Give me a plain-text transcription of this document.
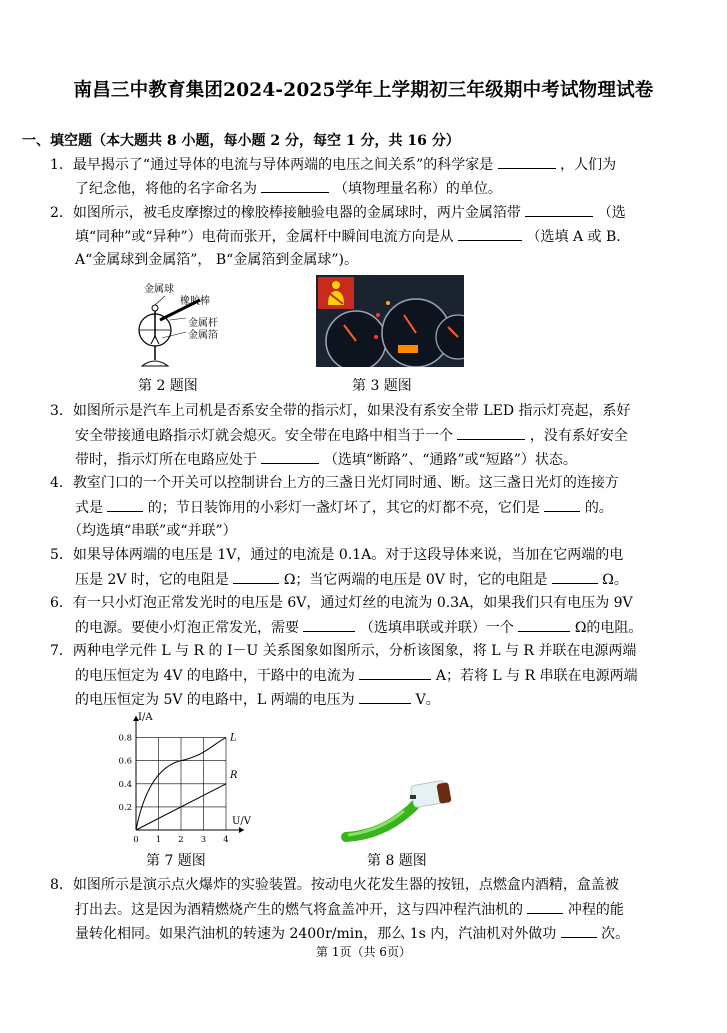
南昌三中教育集团2024-2025学年上学期初三年级期中考试物理试卷
一、填空题（本大题共 8 小题，每小题 2 分，每空 1 分，共 16 分）
1．最早揭示了“通过导体的电流与导体两端的电压之间关系”的科学家是	，人们为
了纪念他，将他的名字命名为	（填物理量名称）的单位。
2．如图所示，被毛皮摩擦过的橡胶棒接触验电器的金属球时，两片金属箔带	（选
填“同种”或“异种”）电荷而张开，金属杆中瞬间电流方向是从	（选填 A 或 B.
A“金属球到金属箔”， B“金属箔到金属球”)。
金属球
橡胶棒
金属杆
金属箔
第 2 题图	第 3 题图
3．如图所示是汽车上司机是否系安全带的指示灯，如果没有系安全带 LED 指示灯亮起，系好
安全带接通电路指示灯就会熄灭。安全带在电路中相当于一个	，没有系好安全
带时，指示灯所在电路应处于	（选填“断路”、“通路”或“短路”）状态。
4．教室门口的一个开关可以控制讲台上方的三盏日光灯同时通、断。这三盏日光灯的连接方
式是	的；节日装饰用的小彩灯一盏灯坏了，其它的灯都不亮，它们是	的。
（均选填“串联”或“并联”）
5．如果导体两端的电压是 1V，通过的电流是 0.1A。对于这段导体来说，当加在它两端的电
压是 2V 时，它的电阻是	Ω；当它两端的电压是 0V 时，它的电阻是	Ω。
6．有一只小灯泡正常发光时的电压是 6V，通过灯丝的电流为 0.3A，如果我们只有电压为 9V
的电源。要使小灯泡正常发光，需要	（选填串联或并联）一个	Ω的电阻。
7．两种电学元件 L 与 R 的 I－U 关系图象如图所示，分析该图象，将 L 与 R 并联在电源两端
的电压恒定为 4V 的电路中，干路中的电流为	A；若将 L 与 R 串联在电源两端
的电压恒定为 5V 的电路中，L 两端的电压为	V。
I/A
U/V
0.8
0.6
0.4
0.2
0 1 2 3 4
L
R
第 7 题图	第 8 题图
8．如图所示是演示点火爆炸的实验装置。按动电火花发生器的按钮，点燃盒内酒精，盒盖被
打出去。这是因为酒精燃烧产生的燃气将盒盖冲开，这与四冲程汽油机的	冲程的能
量转化相同。如果汽油机的转速为 2400r/min，那么 1s 内，汽油机对外做功	次。
第 1页（共 6页）
